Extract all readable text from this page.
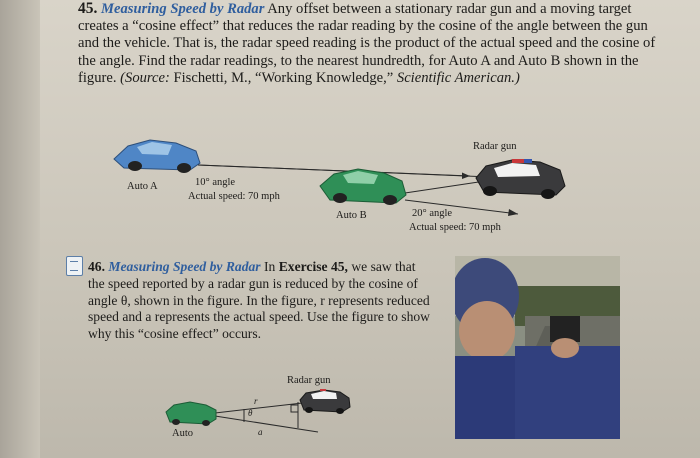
45. Measuring Speed by Radar Any offset between a stationary radar gun and a moving target creates a “cosine effect” that reduces the radar reading by the cosine of the angle between the gun and the vehicle. That is, the radar speed reading is the product of the actual speed and the cosine of the angle. Find the radar readings, to the nearest hundredth, for Auto A and Auto B shown in the figure. (Source: Fischetti, M., “Working Knowledge,” Scientific American.)
Radar gun
Auto A	10° angle
Actual speed: 70 mph
Auto B	20° angle
Actual speed: 70 mph
46. Measuring Speed by Radar In Exercise 45, we saw that the speed reported by a radar gun is reduced by the cosine of angle θ, shown in the figure. In the figure, r represents reduced speed and a represents the actual speed. Use the figure to show why this “cosine effect” occurs.
Radar gun
Auto
r
θ
a
